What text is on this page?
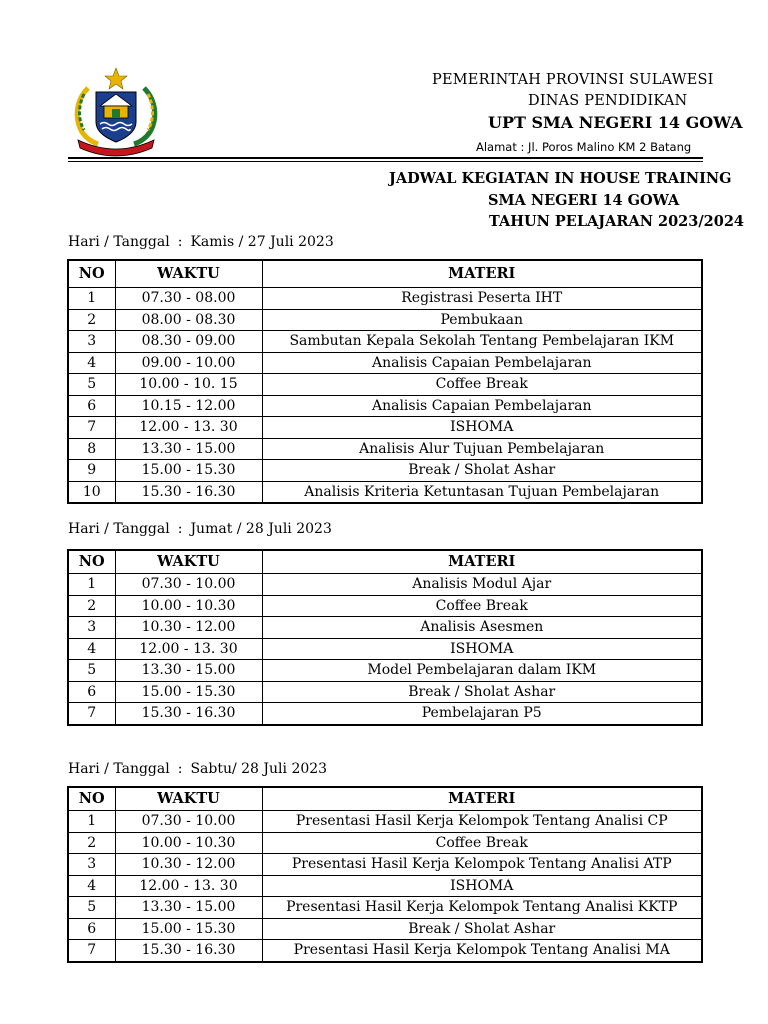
PEMERINTAH PROVINSI SULAWESI
DINAS PENDIDIKAN
UPT SMA NEGERI 14 GOWA
Alamat : Jl. Poros Malino KM 2 Batang
JADWAL KEGIATAN IN HOUSE TRAINING
SMA NEGERI 14 GOWA
TAHUN PELAJARAN 2023/2024
Hari / Tanggal : Kamis / 27 Juli 2023
NO	WAKTU	MATERI
1	07.30 - 08.00	Registrasi Peserta IHT
2	08.00 - 08.30	Pembukaan
3	08.30 - 09.00	Sambutan Kepala Sekolah Tentang Pembelajaran IKM
4	09.00 - 10.00	Analisis Capaian Pembelajaran
5	10.00 - 10. 15	Coffee Break
6	10.15 - 12.00	Analisis Capaian Pembelajaran
7	12.00 - 13. 30	ISHOMA
8	13.30 - 15.00	Analisis Alur Tujuan Pembelajaran
9	15.00 - 15.30	Break / Sholat Ashar
10	15.30 - 16.30	Analisis Kriteria Ketuntasan Tujuan Pembelajaran
Hari / Tanggal : Jumat / 28 Juli 2023
NO	WAKTU	MATERI
1	07.30 - 10.00	Analisis Modul Ajar
2	10.00 - 10.30	Coffee Break
3	10.30 - 12.00	Analisis Asesmen
4	12.00 - 13. 30	ISHOMA
5	13.30 - 15.00	Model Pembelajaran dalam IKM
6	15.00 - 15.30	Break / Sholat Ashar
7	15.30 - 16.30	Pembelajaran P5
Hari / Tanggal : Sabtu/ 28 Juli 2023
NO	WAKTU	MATERI
1	07.30 - 10.00	Presentasi Hasil Kerja Kelompok Tentang Analisi CP
2	10.00 - 10.30	Coffee Break
3	10.30 - 12.00	Presentasi Hasil Kerja Kelompok Tentang Analisi ATP
4	12.00 - 13. 30	ISHOMA
5	13.30 - 15.00	Presentasi Hasil Kerja Kelompok Tentang Analisi KKTP
6	15.00 - 15.30	Break / Sholat Ashar
7	15.30 - 16.30	Presentasi Hasil Kerja Kelompok Tentang Analisi MA
